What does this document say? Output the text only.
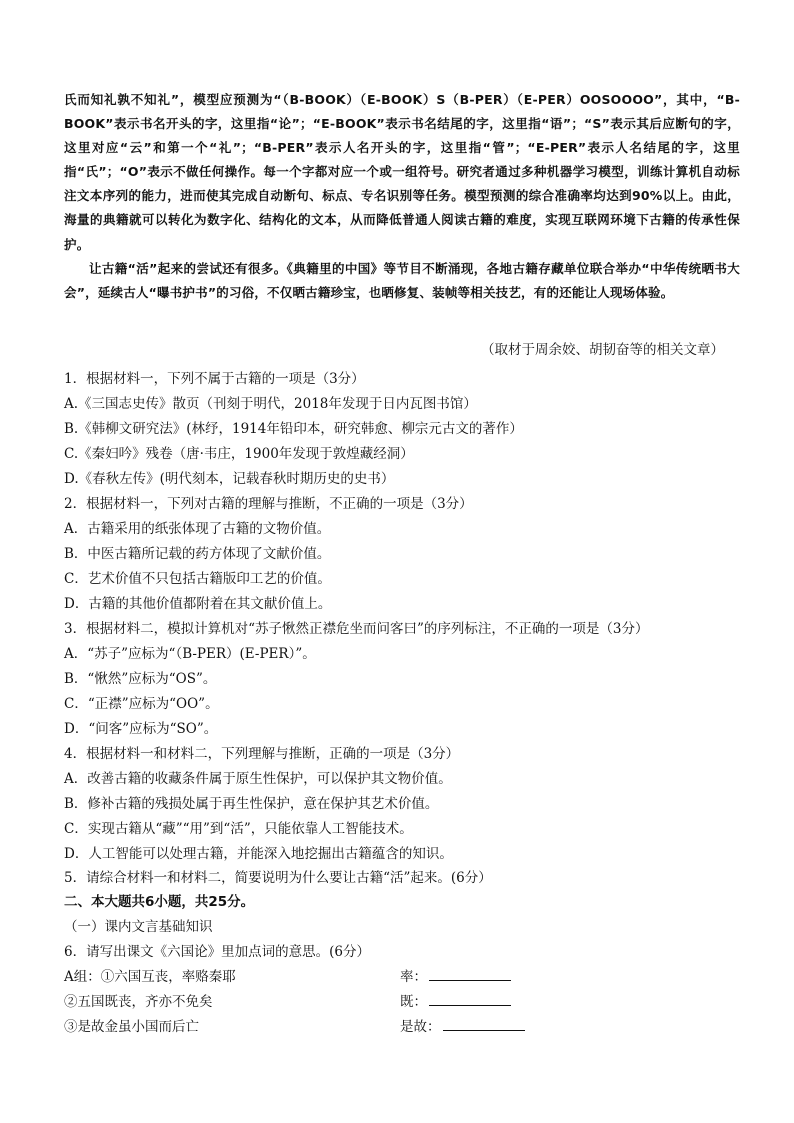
氏而知礼孰不知礼”，模型应预测为“（B-BOOK）（E-BOOK）S（B-PER）（E-PER）OOSOOOO”，其中，“B-BOOK”表示书名开头的字，这里指“论”；“E-BOOK”表示书名结尾的字，这里指“语”；“S”表示其后应断句的字，这里对应“云”和第一个“礼”；“B-PER”表示人名开头的字，这里指“管”；“E-PER”表示人名结尾的字，这里指“氏”；“O”表示不做任何操作。每一个字都对应一个或一组符号。研究者通过多种机器学习模型，训练计算机自动标注文本序列的能力，进而使其完成自动断句、标点、专名识别等任务。模型预测的综合准确率均达到90%以上。由此，海量的典籍就可以转化为数字化、结构化的文本，从而降低普通人阅读古籍的难度，实现互联网环境下古籍的传承性保护。

让古籍“活”起来的尝试还有很多。《典籍里的中国》等节目不断涌现，各地古籍存藏单位联合举办“中华传统晒书大会”，延续古人“曝书护书”的习俗，不仅晒古籍珍宝，也晒修复、装帧等相关技艺，有的还能让人现场体验。

（取材于周余姣、胡韧奋等的相关文章）
1．根据材料一，下列不属于古籍的一项是（3分）
A.《三国志史传》散页（刊刻于明代，2018年发现于日内瓦图书馆）
B.《韩柳文研究法》(林纾，1914年铅印本，研究韩愈、柳宗元古文的著作）
C.《秦妇吟》残卷（唐·韦庄，1900年发现于敦煌藏经洞）
D.《春秋左传》(明代刻本，记载春秋时期历史的史书）
2．根据材料一，下列对古籍的理解与推断，不正确的一项是（3分）
A．古籍采用的纸张体现了古籍的文物价值。
B．中医古籍所记载的药方体现了文献价值。
C．艺术价值不只包括古籍版印工艺的价值。
D．古籍的其他价值都附着在其文献价值上。
3．根据材料二，模拟计算机对“苏子愀然正襟危坐而问客曰”的序列标注，不正确的一项是（3分）
A．“苏子”应标为“（B-PER）(E-PER）”。
B．“愀然”应标为“OS”。
C．“正襟”应标为“OO”。
D．“问客”应标为“SO”。
4．根据材料一和材料二，下列理解与推断，正确的一项是（3分）
A．改善古籍的收藏条件属于原生性保护，可以保护其文物价值。
B．修补古籍的残损处属于再生性保护，意在保护其艺术价值。
C．实现古籍从“藏”“用”到“活”，只能依靠人工智能技术。
D．人工智能可以处理古籍，并能深入地挖掘出古籍蕴含的知识。
5．请综合材料一和材料二，简要说明为什么要让古籍“活”起来。(6分）
二、本大题共6小题，共25分。
（一）课内文言基础知识
6．请写出课文《六国论》里加点词的意思。(6分）
A组：①六国互丧，率赂秦耶	率：
②五国既丧，齐亦不免矣	既：
③是故金虽小国而后亡	是故：
